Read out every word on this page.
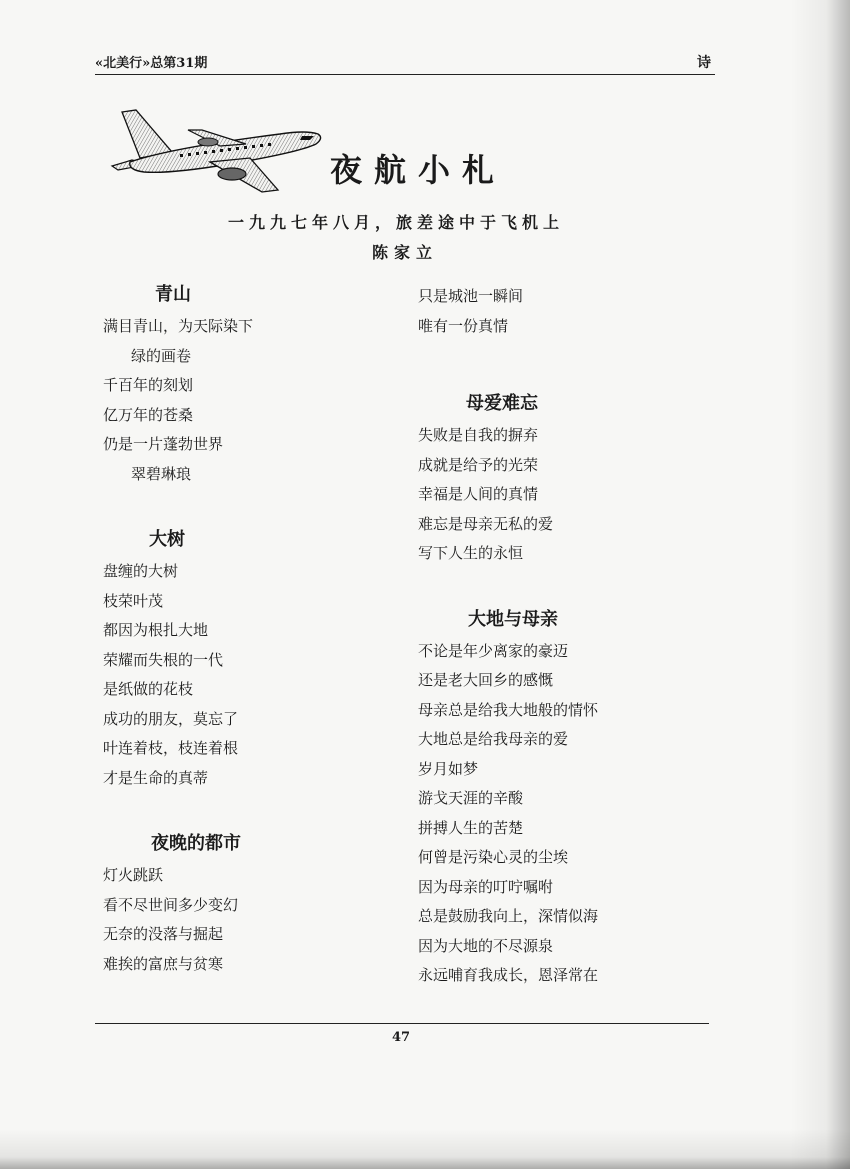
«北美行»总第31期	诗
夜航小札
一九九七年八月，旅差途中于飞机上
陈家立
青山
满目青山，为天际染下
绿的画卷
千百年的刻划
亿万年的苍桑
仍是一片蓬勃世界
翠碧琳琅
大树
盘缠的大树
枝荣叶茂
都因为根扎大地
荣耀而失根的一代
是纸做的花枝
成功的朋友，莫忘了
叶连着枝，枝连着根
才是生命的真蒂
夜晚的都市
灯火跳跃
看不尽世间多少变幻
无奈的没落与掘起
难挨的富庶与贫寒
只是城池一瞬间
唯有一份真情
母爱难忘
失败是自我的摒弃
成就是给予的光荣
幸福是人间的真情
难忘是母亲无私的爱
写下人生的永恒
大地与母亲
不论是年少离家的豪迈
还是老大回乡的感慨
母亲总是给我大地般的情怀
大地总是给我母亲的爱
岁月如梦
游戈天涯的辛酸
拼搏人生的苦楚
何曾是污染心灵的尘埃
因为母亲的叮咛嘱咐
总是鼓励我向上，深情似海
因为大地的不尽源泉
永远哺育我成长，恩泽常在
47
